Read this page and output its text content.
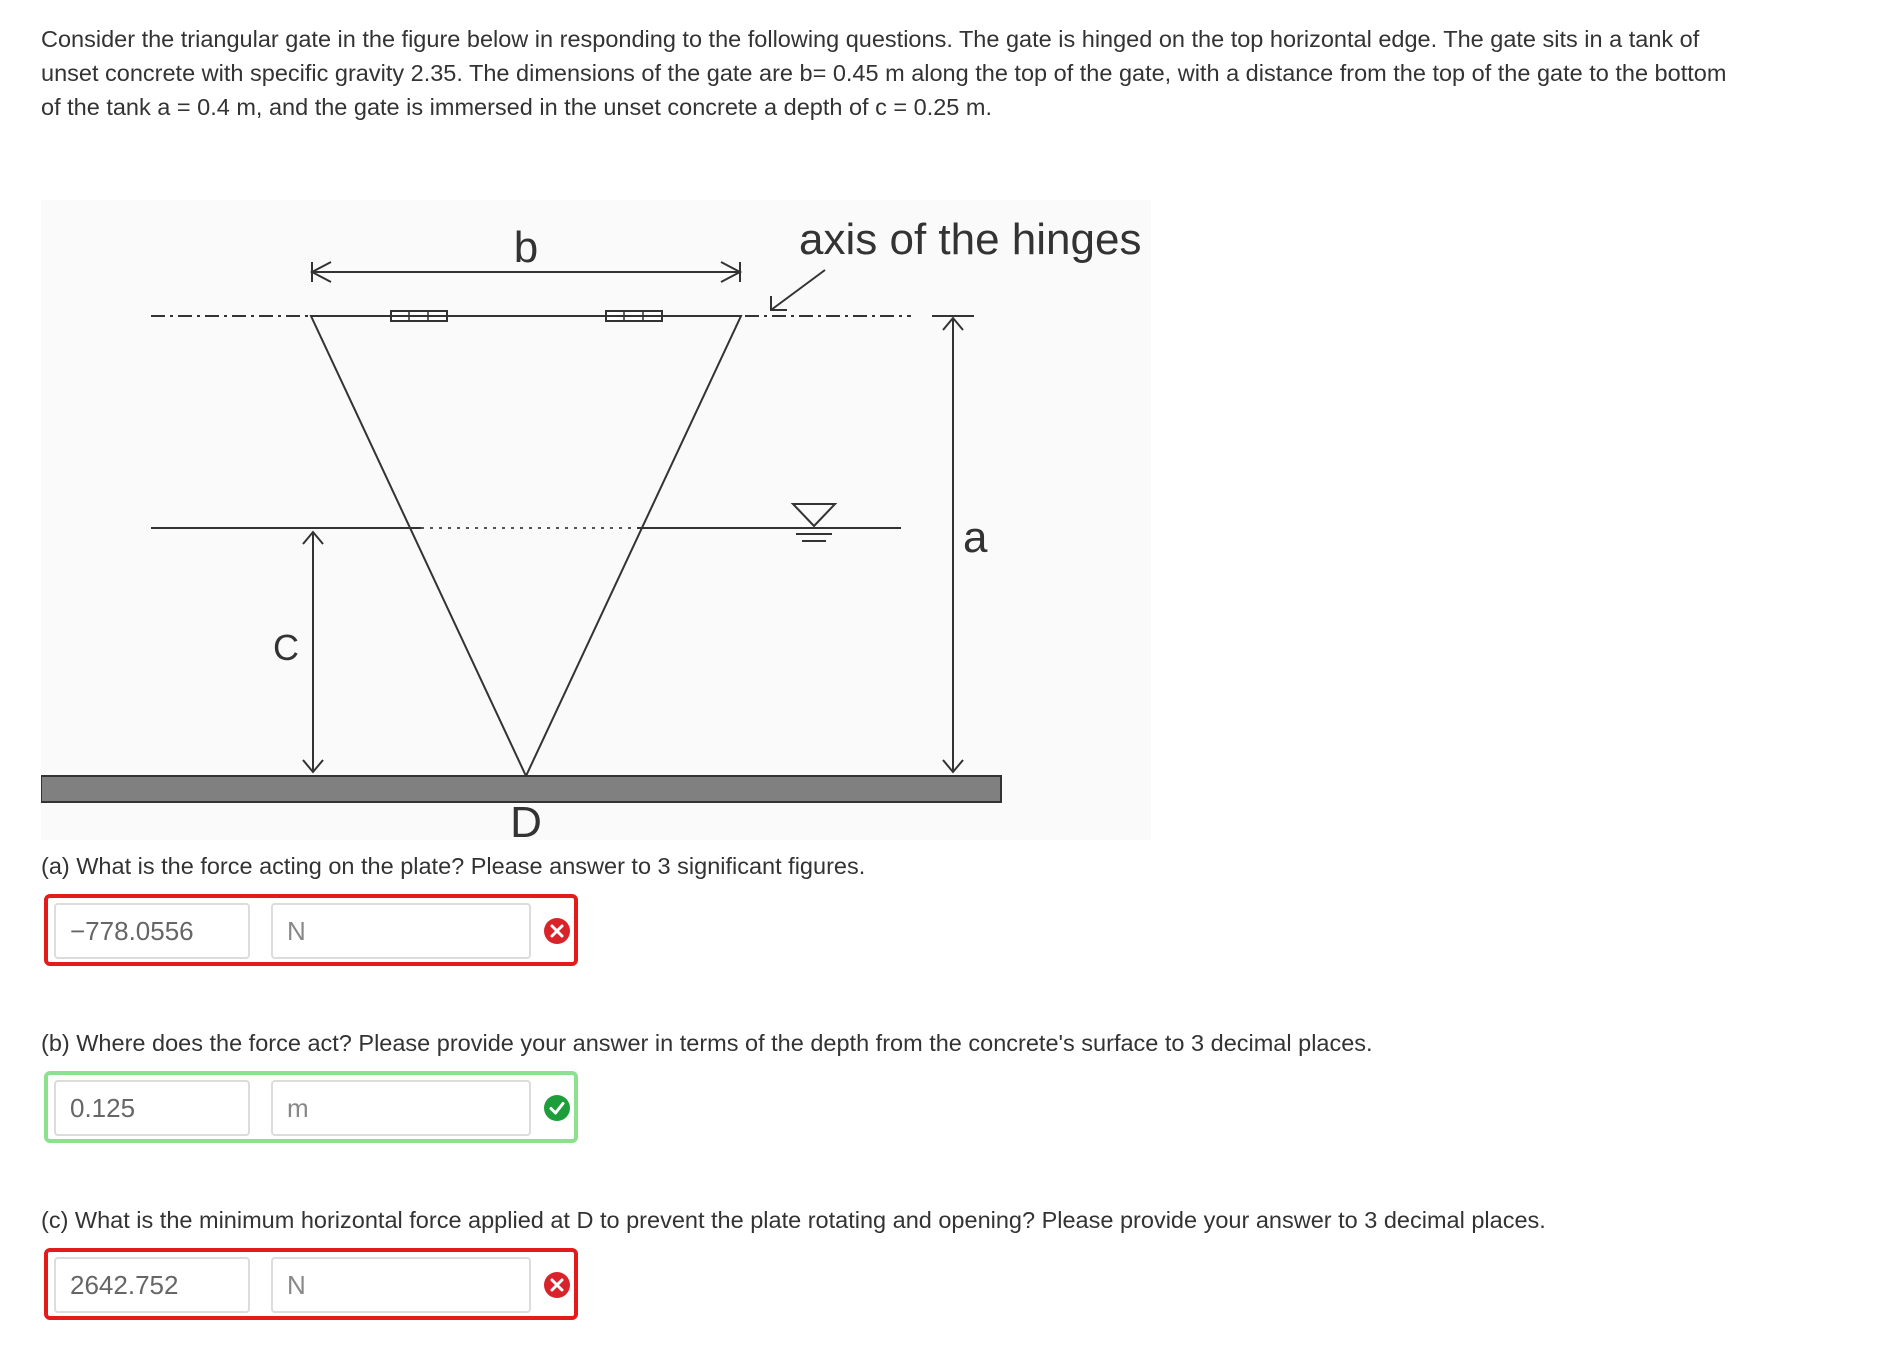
Consider the triangular gate in the figure below in responding to the following questions. The gate is hinged on the top horizontal edge. The gate sits in a tank of unset concrete with specific gravity 2.35. The dimensions of the gate are b= 0.45 m along the top of the gate, with a distance from the top of the gate to the bottom of the tank a = 0.4 m, and the gate is immersed in the unset concrete a depth of c = 0.25 m.
b	axis of the hinges
a
C
D
(a) What is the force acting on the plate? Please answer to 3 significant figures.
−778.0556	N
(b) Where does the force act? Please provide your answer in terms of the depth from the concrete's surface to 3 decimal places.
0.125	m
(c) What is the minimum horizontal force applied at D to prevent the plate rotating and opening? Please provide your answer to 3 decimal places.
2642.752	N
